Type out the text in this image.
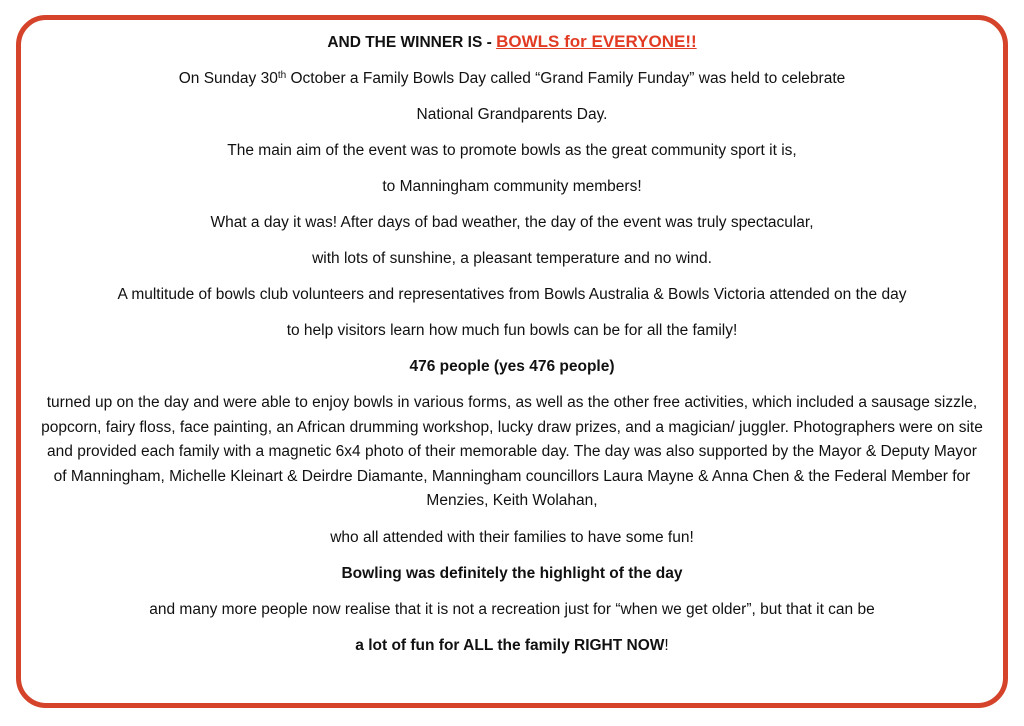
AND THE WINNER IS - BOWLS for EVERYONE!!
On Sunday 30th October a Family Bowls Day called “Grand Family Funday” was held to celebrate
National Grandparents Day.
The main aim of the event was to promote bowls as the great community sport it is,
to Manningham community members!
What a day it was! After days of bad weather, the day of the event was truly spectacular,
with lots of sunshine, a pleasant temperature and no wind.
A multitude of bowls club volunteers and representatives from Bowls Australia & Bowls Victoria attended on the day
to help visitors learn how much fun bowls can be for all the family!
476 people (yes 476 people)
turned up on the day and were able to enjoy bowls in various forms, as well as the other free activities, which included a sausage sizzle, popcorn, fairy floss, face painting, an African drumming workshop, lucky draw prizes, and a magician/ juggler. Photographers were on site and provided each family with a magnetic 6x4 photo of their memorable day. The day was also supported by the Mayor & Deputy Mayor of Manningham, Michelle Kleinart & Deirdre Diamante, Manningham councillors Laura Mayne & Anna Chen & the Federal Member for Menzies, Keith Wolahan,
who all attended with their families to have some fun!
Bowling was definitely the highlight of the day
and many more people now realise that it is not a recreation just for “when we get older”, but that it can be
a lot of fun for ALL the family RIGHT NOW!
